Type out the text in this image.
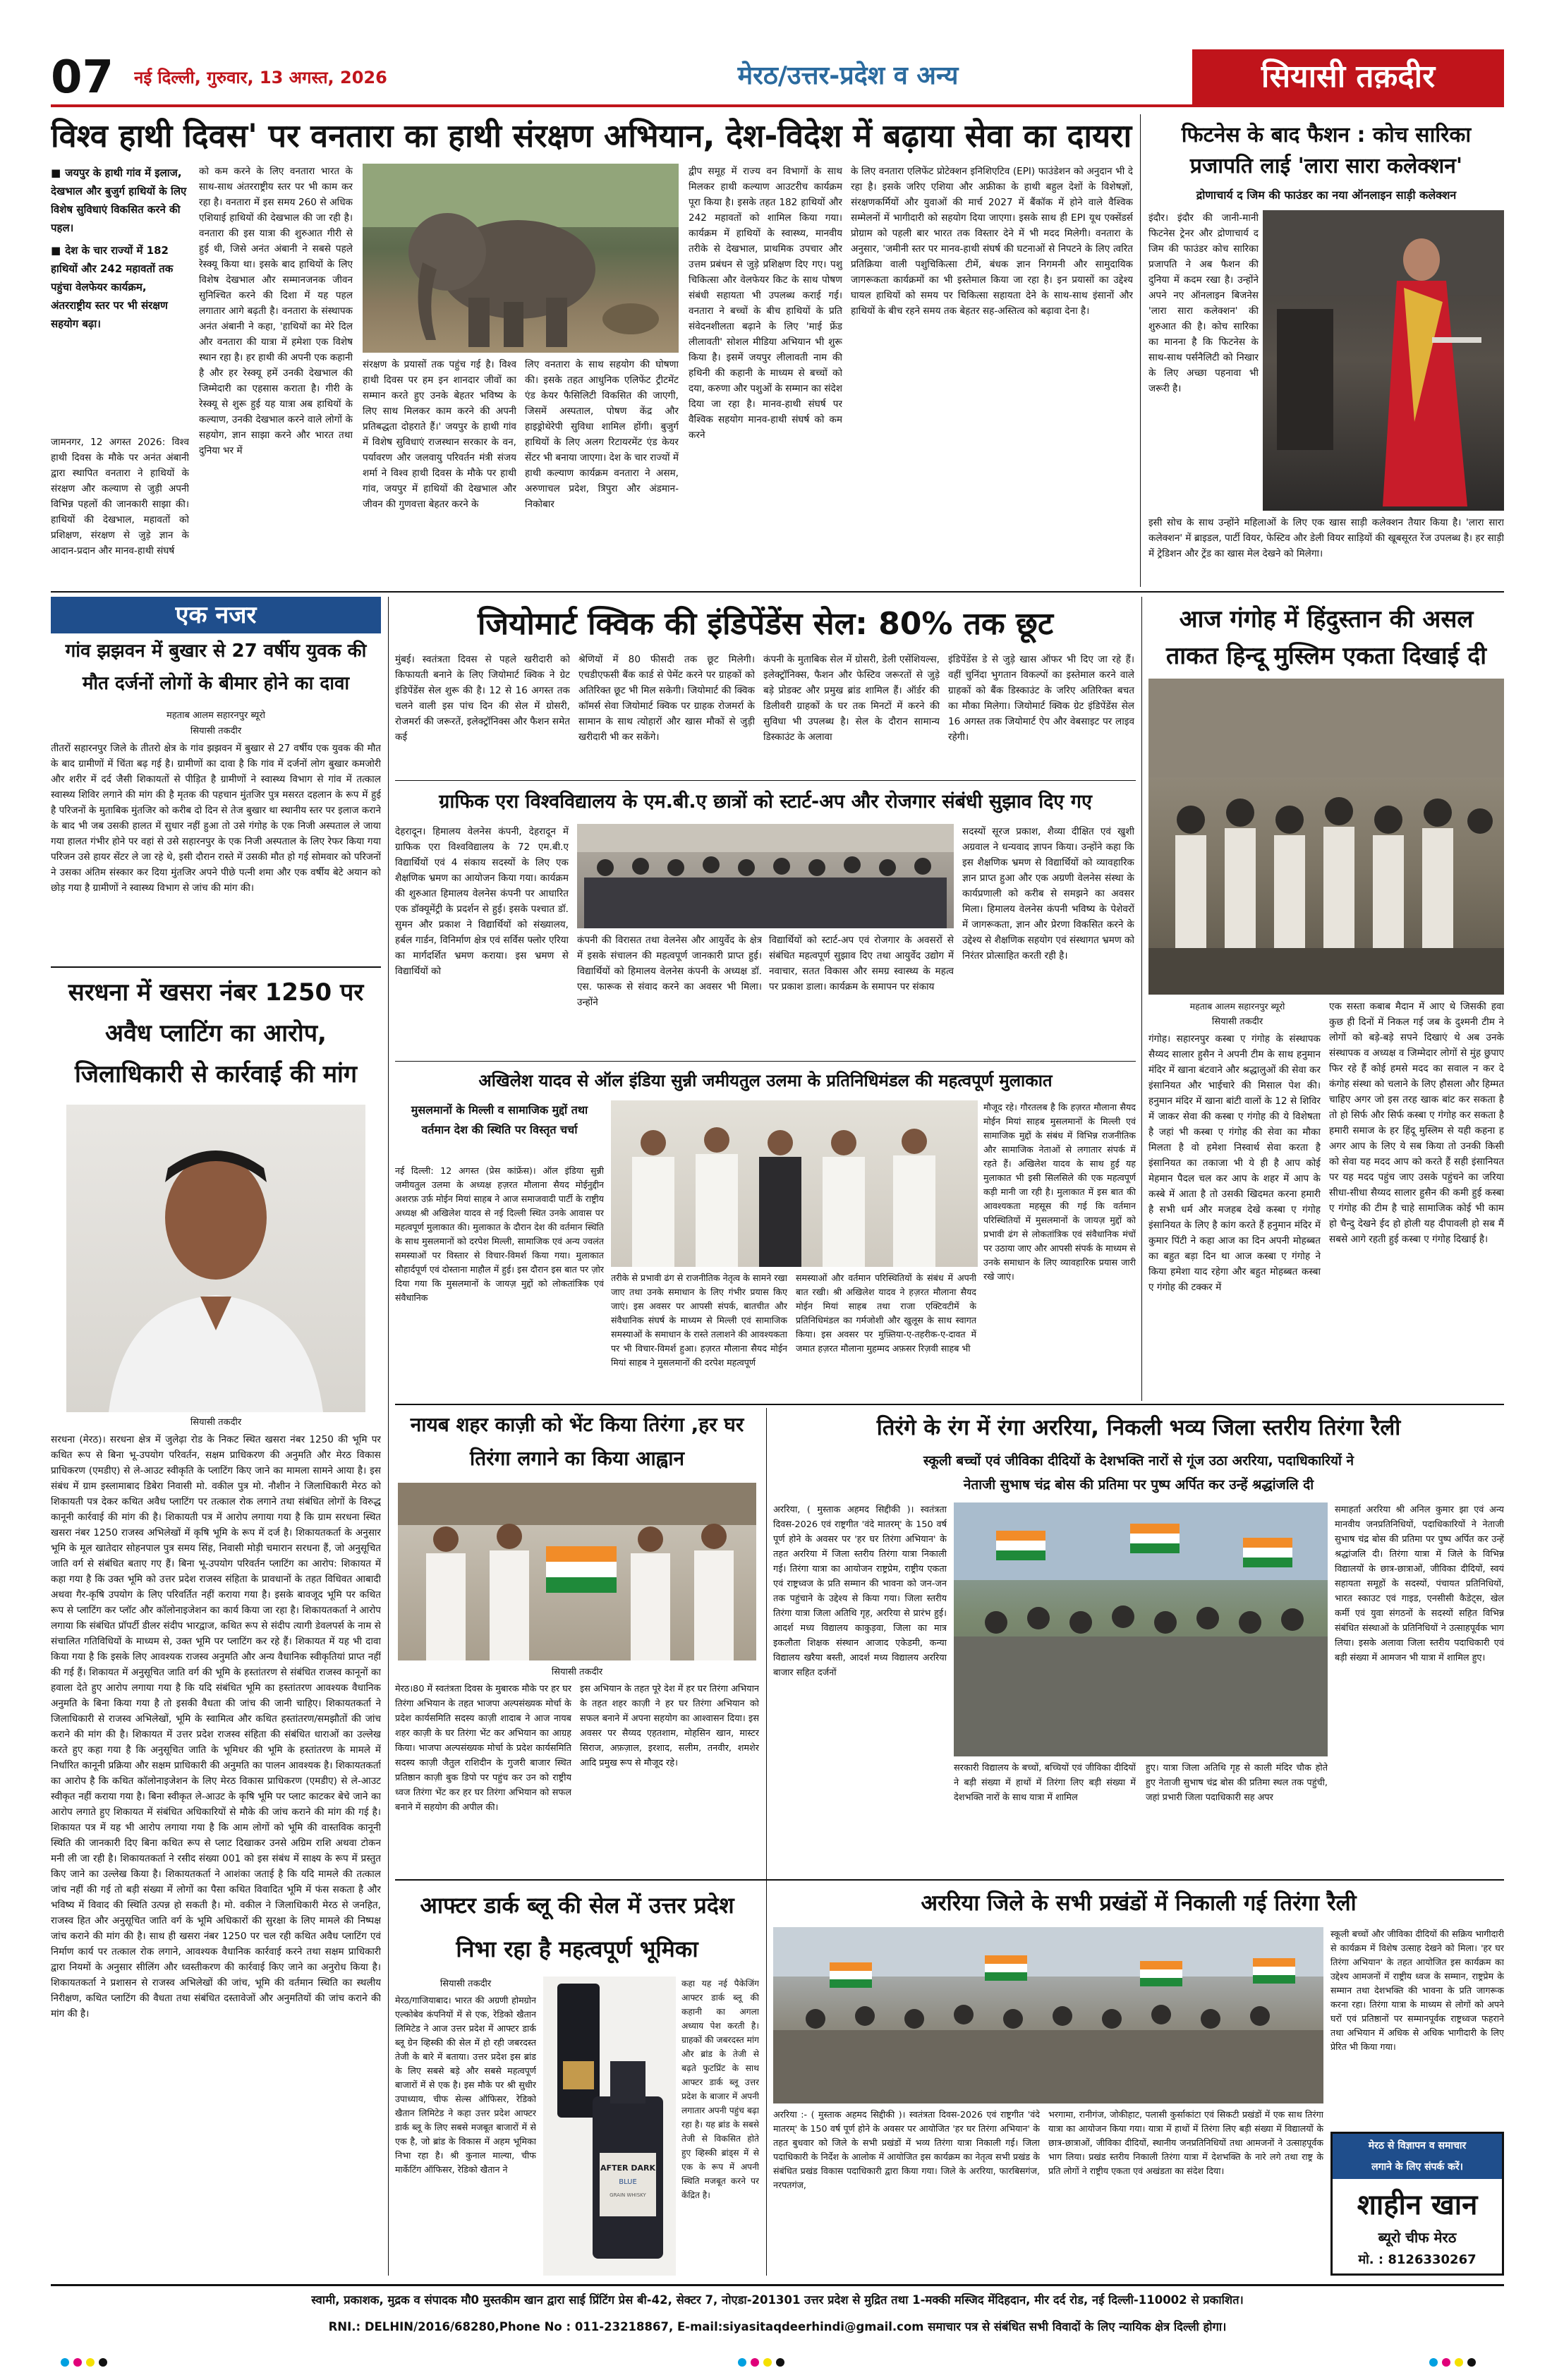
07	नई दिल्ली, गुरुवार, 13 अगस्त, 2026	मेरठ/उत्तर-प्रदेश व अन्य	सियासी तक़दीर
विश्व हाथी दिवस' पर वनतारा का हाथी संरक्षण अभियान, देश-विदेश में बढ़ाया सेवा का दायरा
■ जयपुर के हाथी गांव में इलाज, देखभाल और बुजुर्ग हाथियों के लिए विशेष सुविधाएं विकसित करने की पहल।
■ देश के चार राज्यों में 182 हाथियों और 242 महावतों तक पहुंचा वेलफेयर कार्यक्रम, अंतरराष्ट्रीय स्तर पर भी संरक्षण सहयोग बढ़ा।
जामनगर, 12 अगस्त 2026: विश्व हाथी दिवस के मौके पर अनंत अंबानी द्वारा स्थापित वनतारा ने हाथियों के संरक्षण और कल्याण से जुड़ी अपनी विभिन्न पहलों की जानकारी साझा की। हाथियों की देखभाल, महावतों को प्रशिक्षण, संरक्षण से जुड़े ज्ञान के आदान-प्रदान और मानव-हाथी संघर्ष
को कम करने के लिए वनतारा भारत के साथ-साथ अंतरराष्ट्रीय स्तर पर भी काम कर रहा है। वनतारा में इस समय 260 से अधिक एशियाई हाथियों की देखभाल की जा रही है। वनतारा की इस यात्रा की शुरुआत गीरी से हुई थी, जिसे अनंत अंबानी ने सबसे पहले रेस्क्यू किया था। इसके बाद हाथियों के लिए विशेष देखभाल और सम्मानजनक जीवन सुनिश्चित करने की दिशा में यह पहल लगातार आगे बढ़ती है। वनतारा के संस्थापक अनंत अंबानी ने कहा, 'हाथियों का मेरे दिल और वनतारा की यात्रा में हमेशा एक विशेष स्थान रहा है। हर हाथी की अपनी एक कहानी है और हर रेस्क्यू हमें उनकी देखभाल की जिम्मेदारी का एहसास कराता है। गीरी के रेस्क्यू से शुरू हुई यह यात्रा अब हाथियों के कल्याण, उनकी देखभाल करने वाले लोगों के सहयोग, ज्ञान साझा करने और भारत तथा दुनिया भर में
संरक्षण के प्रयासों तक पहुंच गई है। विश्व हाथी दिवस पर हम इन शानदार जीवों का सम्मान करते हुए उनके बेहतर भविष्य के लिए साथ मिलकर काम करने की अपनी प्रतिबद्धता दोहराते हैं।' जयपुर के हाथी गांव में विशेष सुविधाएं राजस्थान सरकार के वन, पर्यावरण और जलवायु परिवर्तन मंत्री संजय शर्मा ने विश्व हाथी दिवस के मौके पर हाथी गांव, जयपुर में हाथियों की देखभाल और जीवन की गुणवत्ता बेहतर करने के
लिए वनतारा के साथ सहयोग की घोषणा की। इसके तहत आधुनिक एलिफेंट ट्रीटमेंट एंड केयर फैसिलिटी विकसित की जाएगी, जिसमें अस्पताल, पोषण केंद्र और हाइड्रोथेरेपी सुविधा शामिल होंगी। बुजुर्ग हाथियों के लिए अलग रिटायरमेंट एंड केयर सेंटर भी बनाया जाएगा। देश के चार राज्यों में हाथी कल्याण कार्यक्रम वनतारा ने असम, अरुणाचल प्रदेश, त्रिपुरा और अंडमान-निकोबार
द्वीप समूह में राज्य वन विभागों के साथ मिलकर हाथी कल्याण आउटरीच कार्यक्रम पूरा किया है। इसके तहत 182 हाथियों और 242 महावतों को शामिल किया गया। कार्यक्रम में हाथियों के स्वास्थ्य, मानवीय तरीके से देखभाल, प्राथमिक उपचार और उत्तम प्रबंधन से जुड़े प्रशिक्षण दिए गए। पशु चिकित्सा और वेलफेयर किट के साथ पोषण संबंधी सहायता भी उपलब्ध कराई गई। वनतारा ने बच्चों के बीच हाथियों के प्रति संवेदनशीलता बढ़ाने के लिए 'माई फ्रेंड लीलावती' सोशल मीडिया अभियान भी शुरू किया है। इसमें जयपुर लीलावती नाम की हथिनी की कहानी के माध्यम से बच्चों को दया, करुणा और पशुओं के सम्मान का संदेश दिया जा रहा है। मानव-हाथी संघर्ष पर वैश्विक सहयोग मानव-हाथी संघर्ष को कम करने
के लिए वनतारा एलिफेंट प्रोटेक्शन इनिशिएटिव (EPI) फाउंडेशन को अनुदान भी दे रहा है। इसके जरिए एशिया और अफ्रीका के हाथी बहुल देशों के विशेषज्ञों, संरक्षणकर्मियों और युवाओं की मार्च 2027 में बैंकॉक में होने वाले वैश्विक सम्मेलनों में भागीदारी को सहयोग दिया जाएगा। इसके साथ ही EPI यूथ एक्सेंडर्स प्रोग्राम को पहली बार भारत तक विस्तार देने में भी मदद मिलेगी। वनतारा के अनुसार, 'जमीनी स्तर पर मानव-हाथी संघर्ष की घटनाओं से निपटने के लिए त्वरित प्रतिक्रिया वाली पशुचिकित्सा टीमें, बंधक ज्ञान निगमनी और सामुदायिक जागरूकता कार्यक्रमों का भी इस्तेमाल किया जा रहा है। इन प्रयासों का उद्देश्य घायल हाथियों को समय पर चिकित्सा सहायता देने के साथ-साथ इंसानों और हाथियों के बीच रहने समय तक बेहतर सह-अस्तित्व को बढ़ावा देना है।
फिटनेस के बाद फैशन : कोच सारिका
प्रजापति लाई 'लारा सारा कलेक्शन'
द्रोणाचार्य द जिम की फाउंडर का नया ऑनलाइन साड़ी कलेक्शन
इंदौर। इंदौर की जानी-मानी फिटनेस ट्रेनर और द्रोणाचार्य द जिम की फाउंडर कोच सारिका प्रजापति ने अब फैशन की दुनिया में कदम रखा है। उन्होंने अपने नए ऑनलाइन बिजनेस 'लारा सारा कलेक्शन' की शुरुआत की है। कोच सारिका का मानना है कि फिटनेस के साथ-साथ पर्सनैलिटी को निखार के लिए अच्छा पहनावा भी जरूरी है।
इसी सोच के साथ उन्होंने महिलाओं के लिए एक खास साड़ी कलेक्शन तैयार किया है। 'लारा सारा कलेक्शन' में ब्राइडल, पार्टी वियर, फेस्टिव और डेली वियर साड़ियों की खूबसूरत रेंज उपलब्ध है। हर साड़ी में ट्रेडिशन और ट्रेंड का खास मेल देखने को मिलेगा।
एक नजर
गांव झझवन में बुखार से 27 वर्षीय युवक की मौत दर्जनों लोगों के बीमार होने का दावा
महताब आलम सहारनपुर ब्यूरो
सियासी तकदीर
तीतरों सहारनपुर जिले के तीतरो क्षेत्र के गांव झझवन में बुखार से 27 वर्षीय एक युवक की मौत के बाद ग्रामीणों में चिंता बढ़ गई है। ग्रामीणों का दावा है कि गांव में दर्जनों लोग बुखार कमजोरी और शरीर में दर्द जैसी शिकायतों से पीड़ित है ग्रामीणों ने स्वास्थ्य विभाग से गांव में तत्काल स्वास्थ्य शिविर लगाने की मांग की है मृतक की पहचान मुंतजिर पुत्र मसरत दहलान के रूप में हुई है परिजनों के मुताबिक मुंतजिर को करीब दो दिन से तेज बुखार था स्थानीय स्तर पर इलाज कराने के बाद भी जब उसकी हालत में सुधार नहीं हुआ तो उसे गंगोह के एक निजी अस्पताल ले जाया गया हालत गंभीर होने पर वहां से उसे सहारनपुर के एक निजी अस्पताल के लिए रेफर किया गया परिजन उसे हायर सेंटर ले जा रहे थे, इसी दौरान रास्ते में उसकी मौत हो गई सोमवार को परिजनों ने उसका अंतिम संस्कार कर दिया मुंतजिर अपने पीछे पत्नी शमा और एक वर्षीय बेटे अयान को छोड़ गया है ग्रामीणों ने स्वास्थ्य विभाग से जांच की मांग की।
सरधना में खसरा नंबर 1250 पर अवैध प्लाटिंग का आरोप, जिलाधिकारी से कार्रवाई की मांग
सियासी तकदीर
सरधना (मेरठ)। सरधना क्षेत्र में जुलेढ़ा रोड के निकट स्थित खसरा नंबर 1250 की भूमि पर कथित रूप से बिना भू-उपयोग परिवर्तन, सक्षम प्राधिकरण की अनुमति और मेरठ विकास प्राधिकरण (एमडीए) से ले-आउट स्वीकृति के प्लाटिंग किए जाने का मामला सामने आया है। इस संबंध में ग्राम इस्लामाबाद डिबेरा निवासी मो. वकील पुत्र मो. नौशीन ने जिलाधिकारी मेरठ को शिकायती पत्र देकर कथित अवैध प्लाटिंग पर तत्काल रोक लगाने तथा संबंधित लोगों के विरुद्ध कानूनी कार्रवाई की मांग की है। शिकायती पत्र में आरोप लगाया गया है कि ग्राम सरधना स्थित खसरा नंबर 1250 राजस्व अभिलेखों में कृषि भूमि के रूप में दर्ज है। शिकायतकर्ता के अनुसार भूमि के मूल खातेदार सोहनपाल पुत्र समय सिंह, निवासी मोड़ी चमारान सरधना हैं, जो अनुसूचित जाति वर्ग से संबंधित बताए गए हैं। बिना भू-उपयोग परिवर्तन प्लाटिंग का आरोप: शिकायत में कहा गया है कि उक्त भूमि को उत्तर प्रदेश राजस्व संहिता के प्रावधानों के तहत विधिवत आबादी अथवा गैर-कृषि उपयोग के लिए परिवर्तित नहीं कराया गया है। इसके बावजूद भूमि पर कथित रूप से प्लाटिंग कर प्लॉट और कॉलोनाइजेशन का कार्य किया जा रहा है। शिकायतकर्ता ने आरोप लगाया कि संबंधित प्रॉपर्टी डीलर संदीप भारद्वाज, कथित रूप से संदीप त्यागी डेवलपर्स के नाम से संचालित गतिविधियों के माध्यम से, उक्त भूमि पर प्लाटिंग कर रहे हैं। शिकायत में यह भी दावा किया गया है कि इसके लिए आवश्यक राजस्व अनुमति और अन्य वैधानिक स्वीकृतियां प्राप्त नहीं की गई हैं। शिकायत में अनुसूचित जाति वर्ग की भूमि के हस्तांतरण से संबंधित राजस्व कानूनों का हवाला देते हुए आरोप लगाया गया है कि यदि संबंधित भूमि का हस्तांतरण आवश्यक वैधानिक अनुमति के बिना किया गया है तो इसकी वैधता की जांच की जानी चाहिए। शिकायतकर्ता ने जिलाधिकारी से राजस्व अभिलेखों, भूमि के स्वामित्व और कथित हस्तांतरण/समझौतों की जांच कराने की मांग की है। शिकायत में उत्तर प्रदेश राजस्व संहिता की संबंधित धाराओं का उल्लेख करते हुए कहा गया है कि अनुसूचित जाति के भूमिधर की भूमि के हस्तांतरण के मामले में निर्धारित कानूनी प्रक्रिया और सक्षम प्राधिकारी की अनुमति का पालन आवश्यक है। शिकायतकर्ता का आरोप है कि कथित कॉलोनाइजेशन के लिए मेरठ विकास प्राधिकरण (एमडीए) से ले-आउट स्वीकृत नहीं कराया गया है। बिना स्वीकृत ले-आउट के कृषि भूमि पर प्लाट काटकर बेचे जाने का आरोप लगाते हुए शिकायत में संबंधित अधिकारियों से मौके की जांच कराने की मांग की गई है। शिकायत पत्र में यह भी आरोप लगाया गया है कि आम लोगों को भूमि की वास्तविक कानूनी स्थिति की जानकारी दिए बिना कथित रूप से प्लाट दिखाकर उनसे अग्रिम राशि अथवा टोकन मनी ली जा रही है। शिकायतकर्ता ने रसीद संख्या 001 को इस संबंध में साक्ष्य के रूप में प्रस्तुत किए जाने का उल्लेख किया है। शिकायतकर्ता ने आशंका जताई है कि यदि मामले की तत्काल जांच नहीं की गई तो बड़ी संख्या में लोगों का पैसा कथित विवादित भूमि में फंस सकता है और भविष्य में विवाद की स्थिति उत्पन्न हो सकती है। मो. वकील ने जिलाधिकारी मेरठ से जनहित, राजस्व हित और अनुसूचित जाति वर्ग के भूमि अधिकारों की सुरक्षा के लिए मामले की निष्पक्ष जांच कराने की मांग की है। साथ ही खसरा नंबर 1250 पर चल रही कथित अवैध प्लाटिंग एवं निर्माण कार्य पर तत्काल रोक लगाने, आवश्यक वैधानिक कार्रवाई करने तथा सक्षम प्राधिकारी द्वारा नियमों के अनुसार सीलिंग और ध्वस्तीकरण की कार्रवाई किए जाने का अनुरोध किया है। शिकायतकर्ता ने प्रशासन से राजस्व अभिलेखों की जांच, भूमि की वर्तमान स्थिति का स्थलीय निरीक्षण, कथित प्लाटिंग की वैधता तथा संबंधित दस्तावेजों और अनुमतियों की जांच कराने की मांग की है।
जियोमार्ट क्विक की इंडिपेंडेंस सेल: 80% तक छूट
मुंबई। स्वतंत्रता दिवस से पहले खरीदारी को किफायती बनाने के लिए जियोमार्ट क्विक ने ग्रेट इंडिपेंडेंस सेल शुरू की है। 12 से 16 अगस्त तक चलने वाली इस पांच दिन की सेल में ग्रोसरी, रोजमर्रा की जरूरतें, इलेक्ट्रॉनिक्स और फैशन समेत कई
श्रेणियों में 80 फीसदी तक छूट मिलेगी। एचडीएफसी बैंक कार्ड से पेमेंट करने पर ग्राहकों को अतिरिक्त छूट भी मिल सकेगी। जियोमार्ट की क्विक कॉमर्स सेवा जियोमार्ट क्विक पर ग्राहक रोजमर्रा के सामान के साथ त्योहारों और खास मौकों से जुड़ी खरीदारी भी कर सकेंगे।
कंपनी के मुताबिक सेल में ग्रोसरी, डेली एसेंशियल्स, इलेक्ट्रॉनिक्स, फैशन और फेस्टिव जरूरतों से जुड़े बड़े प्रोडक्ट और प्रमुख ब्रांड शामिल हैं। ऑर्डर की डिलीवरी ग्राहकों के घर तक मिनटों में करने की सुविधा भी उपलब्ध है। सेल के दौरान सामान्य डिस्काउंट के अलावा
इंडिपेंडेंस डे से जुड़े खास ऑफर भी दिए जा रहे हैं। वहीं चुनिंदा भुगतान विकल्पों का इस्तेमाल करने वाले ग्राहकों को बैंक डिस्काउंट के जरिए अतिरिक्त बचत का मौका मिलेगा। जियोमार्ट क्विक ग्रेट इंडिपेंडेंस सेल 16 अगस्त तक जियोमार्ट ऐप और वेबसाइट पर लाइव रहेगी।
ग्राफिक एरा विश्वविद्यालय के एम.बी.ए छात्रों को स्टार्ट-अप और रोजगार संबंधी सुझाव दिए गए
देहरादून। हिमालय वेलनेस कंपनी, देहरादून में ग्राफिक एरा विश्वविद्यालय के 72 एम.बी.ए विद्यार्थियों एवं 4 संकाय सदस्यों के लिए एक शैक्षणिक भ्रमण का आयोजन किया गया। कार्यक्रम की शुरुआत हिमालय वेलनेस कंपनी पर आधारित एक डॉक्यूमेंट्री के प्रदर्शन से हुई। इसके पश्चात डॉ. सुमन और प्रकाश ने विद्यार्थियों को संख्यालय, हर्बल गार्डन, विनिर्माण क्षेत्र एवं सर्विस फ्लोर एरिया का मार्गदर्शित भ्रमण कराया। इस भ्रमण से विद्यार्थियों को
कंपनी की विरासत तथा वेलनेस और आयुर्वेद के क्षेत्र में इसके संचालन की महत्वपूर्ण जानकारी प्राप्त हुई। विद्यार्थियों को हिमालय वेलनेस कंपनी के अध्यक्ष डॉ. एस. फारूक से संवाद करने का अवसर भी मिला। उन्होंने
विद्यार्थियों को स्टार्ट-अप एवं रोजगार के अवसरों से संबंधित महत्वपूर्ण सुझाव दिए तथा आयुर्वेद उद्योग में नवाचार, सतत विकास और समग्र स्वास्थ्य के महत्व पर प्रकाश डाला। कार्यक्रम के समापन पर संकाय
सदस्यों सूरज प्रकाश, शैव्या दीक्षित एवं खुशी अग्रवाल ने धन्यवाद ज्ञापन किया। उन्होंने कहा कि इस शैक्षणिक भ्रमण से विद्यार्थियों को व्यावहारिक ज्ञान प्राप्त हुआ और एक अग्रणी वेलनेस संस्था के कार्यप्रणाली को करीब से समझने का अवसर मिला। हिमालय वेलनेस कंपनी भविष्य के पेशेवरों में जागरूकता, ज्ञान और प्रेरणा विकसित करने के उद्देश्य से शैक्षणिक सहयोग एवं संस्थागत भ्रमण को निरंतर प्रोत्साहित करती रही है।
आज गंगोह में हिंदुस्तान की असल
ताकत हिन्दू मुस्लिम एकता दिखाई दी
महताब आलम सहारनपुर ब्यूरो
सियासी तकदीर
गंगोह। सहारनपुर कस्बा ए गंगोह के संस्थापक सैय्यद सालार हुसैन ने अपनी टीम के साथ हनुमान मंदिर में खाना बंटवाने और श्रद्धालुओं की सेवा कर इंसानियत और भाईचारे की मिसाल पेश की। हनुमान मंदिर में खाना बांटी वालों के 12 से शिविर में जाकर सेवा की कस्बा ए गंगोह की ये विशेषता है जहां भी कस्बा ए गंगोह की सेवा का मौका मिलता है वो हमेशा निस्वार्थ सेवा करता है इंसानियत का तकाजा भी ये ही है आप कोई मेहमान पैदल चल कर आप के शहर में आप के कस्बे में आता है तो उसकी खिदमत करना हमारी है सभी धर्म और मजहब देखे कस्बा ए गंगोह इंसानियत के लिए है कांग करते हैं हनुमान मंदिर में कुमार पिंटी ने कहा आज का दिन अपनी मोहब्बत का बहुत बड़ा दिन था आज कस्बा ए गंगोह ने किया हमेशा याद रहेगा और बहुत मोहब्बत कस्बा ए गंगोह की टक्कर में
एक सस्ता कबाब मैदान में आए थे जिसकी हवा कुछ ही दिनों में निकल गई जब के दुश्मनी टीम ने लोगों को बड़े-बड़े सपने दिखाएं थे अब उनके संस्थापक व अध्यक्ष व जिम्मेदार लोगों से मुंह छुपाए फिर रहे हैं कोई हमसे मदद का सवाल न कर दे कंगोह संस्था को चलाने के लिए हौसला और हिम्मत चाहिए अगर जो इस तरह खाक बांट कर सकता है तो हो सिर्फ और सिर्फ कस्बा ए गंगोह कर सकता है हमारी समाज के हर हिंदू मुस्लिम से यही कहना ह अगर आप के लिए ये सब किया तो उनकी किसी को सेवा यह मदद आप को करते हैं सही इंसानियत पर यह मदद पहुंच जाए उसके पहुंचने का जरिया सीधा-सीधा सैय्यद सालार हुसैन की कमी हुई कस्बा ए गंगोह की टीम है चाहे सामाजिक कोई भी काम हो चैन्दु देखने ईद हो होली यह दीपावली हो सब मैं सबसे आगे रहती हुई कस्बा ए गंगोह दिखाई है।
अखिलेश यादव से ऑल इंडिया सुन्नी जमीयतुल उलमा के प्रतिनिधिमंडल की महत्वपूर्ण मुलाकात
मुसलमानों के मिल्ली व सामाजिक मुद्दों तथा वर्तमान देश की स्थिति पर विस्तृत चर्चा
नई दिल्ली: 12 अगस्त (प्रेस कांफ्रेंस)। ऑल इंडिया सुन्नी जमीयतुल उलमा के अध्यक्ष हज़रत मौलाना सैयद मोईनुद्दीन अशरफ़ उर्फ़ मोईन मियां साहब ने आज समाजवादी पार्टी के राष्ट्रीय अध्यक्ष श्री अखिलेश यादव से नई दिल्ली स्थित उनके आवास पर महत्वपूर्ण मुलाकात की। मुलाकात के दौरान देश की वर्तमान स्थिति के साथ मुसलमानों को दरपेश मिल्ली, सामाजिक एवं अन्य ज्वलंत समस्याओं पर विस्तार से विचार-विमर्श किया गया। मुलाकात सौहार्दपूर्ण एवं दोस्ताना माहौल में हुई। इस दौरान इस बात पर ज़ोर दिया गया कि मुसलमानों के जायज़ मुद्दों को लोकतांत्रिक एवं संवैधानिक
तरीके से प्रभावी ढंग से राजनीतिक नेतृत्व के सामने रखा जाए तथा उनके समाधान के लिए गंभीर प्रयास किए जाएं। इस अवसर पर आपसी संपर्क, बातचीत और संवैधानिक संघर्ष के माध्यम से मिल्ली एवं सामाजिक समस्याओं के समाधान के रास्ते तलाशने की आवश्यकता पर भी विचार-विमर्श हुआ। हज़रत मौलाना सैयद मोईन मियां साहब ने मुसलमानों की दरपेश महत्वपूर्ण
समस्याओं और वर्तमान परिस्थितियों के संबंध में अपनी बात रखी। श्री अखिलेश यादव ने हज़रत मौलाना सैयद मोईन मियां साहब तथा राजा एक्टिवटीमें के प्रतिनिधिमंडल का गर्मजोशी और खुलूस के साथ स्वागत किया। इस अवसर पर मुफ़्तिया-ए-तहरीक-ए-दावत में जमात हज़रत मौलाना मुहम्मद अफ़सर रिज़वी साहब भी
मौजूद रहे। गौरतलब है कि हज़रत मौलाना सैयद मोईन मियां साहब मुसलमानों के मिल्ली एवं सामाजिक मुद्दों के संबंध में विभिन्न राजनीतिक और सामाजिक नेताओं से लगातार संपर्क में रहते हैं। अखिलेश यादव के साथ हुई यह मुलाकात भी इसी सिलसिले की एक महत्वपूर्ण कड़ी मानी जा रही है। मुलाकात में इस बात की आवश्यकता महसूस की गई कि वर्तमान परिस्थितियों में मुसलमानों के जायज़ मुद्दों को प्रभावी ढंग से लोकतांत्रिक एवं संवैधानिक मंचों पर उठाया जाए और आपसी संपर्क के माध्यम से उनके समाधान के लिए व्यावहारिक प्रयास जारी रखे जाएं।
नायब शहर काज़ी को भेंट किया तिरंगा ,हर घर तिरंगा लगाने का किया आह्वान
सियासी तकदीर
मेरठ।80 में स्वतंत्रता दिवस के मुबारक मौके पर हर घर तिरंगा अभियान के तहत भाजपा अल्पसंख्यक मोर्चा के प्रदेश कार्यसमिति सदस्य काज़ी शादाब ने आज नायब शहर काज़ी के घर तिरंगा भेंट कर अभियान का आग्रह किया। भाजपा अल्पसंख्यक मोर्चा के प्रदेश कार्यसमिति सदस्य काज़ी जैतुल राशिदीन के गुजरी बाजार स्थित प्रतिष्ठान काज़ी बुक डिपो पर पहुंच कर उन को राष्ट्रीय ध्वज तिरंगा भेंट कर हर घर तिरंगा अभियान को सफल बनाने में सहयोग की अपील की।
इस अभियान के तहत पूरे देश में हर घर तिरंगा अभियान के तहत शहर काज़ी ने हर घर तिरंगा अभियान को सफल बनाने में अपना सहयोग का आश्वासन दिया। इस अवसर पर सैय्यद एहतशाम, मोहसिन खान, मास्टर सिराज, अफ़ज़ाल, इरशाद, सलीम, तनवीर, शमशेर आदि प्रमुख रूप से मौजूद रहे।
तिरंगे के रंग में रंगा अररिया, निकली भव्य जिला स्तरीय तिरंगा रैली
स्कूली बच्चों एवं जीविका दीदियों के देशभक्ति नारों से गूंज उठा अररिया, पदाधिकारियों ने
नेताजी सुभाष चंद्र बोस की प्रतिमा पर पुष्प अर्पित कर उन्हें श्रद्धांजलि दी
अररिया, ( मुस्ताक अहमद सिद्दीकी )। स्वतंत्रता दिवस-2026 एवं राष्ट्रगीत 'वंदे मातरम्' के 150 वर्ष पूर्ण होने के अवसर पर 'हर घर तिरंगा अभियान' के तहत अररिया में जिला स्तरीय तिरंगा यात्रा निकाली गई। तिरंगा यात्रा का आयोजन राष्ट्रप्रेम, राष्ट्रीय एकता एवं राष्ट्रध्वज के प्रति सम्मान की भावना को जन-जन तक पहुंचाने के उद्देश्य से किया गया। जिला स्तरीय तिरंगा यात्रा जिला अतिथि गृह, अररिया से प्रारंभ हुई। आदर्श मध्य विद्यालय काकुड़वा, जिला का मात्र इकलौता शिक्षक संस्थान आजाद एकेडमी, कन्या विद्यालय खरैया बस्ती, आदर्श मध्य विद्यालय अररिया बाजार सहित दर्जनों
सरकारी विद्यालय के बच्चों, बच्चियों एवं जीविका दीदियों ने बड़ी संख्या में हाथों में तिरंगा लिए बड़ी संख्या में देशभक्ति नारों के साथ यात्रा में शामिल
हुए। यात्रा जिला अतिथि गृह से काली मंदिर चौक होते हुए नेताजी सुभाष चंद्र बोस की प्रतिमा स्थल तक पहुंची, जहां प्रभारी जिला पदाधिकारी सह अपर
समाहर्ता अररिया श्री अनिल कुमार झा एवं अन्य मानवीय जनप्रतिनिधियों, पदाधिकारियों ने नेताजी सुभाष चंद्र बोस की प्रतिमा पर पुष्प अर्पित कर उन्हें श्रद्धांजलि दी। तिरंगा यात्रा में जिले के विभिन्न विद्यालयों के छात्र-छात्राओं, जीविका दीदियों, स्वयं सहायता समूहों के सदस्यों, पंचायत प्रतिनिधियों, भारत स्काउट एवं गाइड, एनसीसी कैडेट्स, खेल कर्मी एवं युवा संगठनों के सदस्यों सहित विभिन्न संबंधित संस्थाओं के प्रतिनिधियों ने उत्साहपूर्वक भाग लिया। इसके अलावा जिला स्तरीय पदाधिकारी एवं बड़ी संख्या में आमजन भी यात्रा में शामिल हुए।
आफ्टर डार्क ब्लू की सेल में उत्तर प्रदेश
निभा रहा है महत्वपूर्ण भूमिका
सियासी तकदीर
मेरठ/गाजियाबाद। भारत की अग्रणी होमग्रोन एल्कोबेव कंपनियों में से एक, रेडिको खैतान लिमिटेड ने आज उत्तर प्रदेश में आफ्टर डार्क ब्लू ग्रेन व्हिस्की की सेल में हो रही जबरदस्त तेजी के बारे में बताया। उत्तर प्रदेश इस ब्रांड के लिए सबसे बड़े और सबसे महत्वपूर्ण बाजारों में से एक है। इस मौके पर श्री सुधीर उपाध्याय, चीफ सेल्स ऑफिसर, रेडिको खैतान लिमिटेड ने कहा उत्तर प्रदेश आफ्टर डार्क ब्लू के लिए सबसे मजबूत बाजारों में से एक है, जो ब्रांड के विकास में अहम भूमिका निभा रहा है। श्री कुनाल माल्या, चीफ मार्केटिंग ऑफिसर, रेडिको खैतान ने	AFTER DARK
BLUE
GRAIN WHISKY
कहा यह नई पैकेजिंग आफ्टर डार्क ब्लू की कहानी का अगला अध्याय पेश करती है। ग्राहकों की जबरदस्त मांग और ब्रांड के तेजी से बढ़ते फुटप्रिंट के साथ आफ्टर डार्क ब्लू उत्तर प्रदेश के बाजार में अपनी लगातार अपनी पहुंच बढ़ा रहा है। यह ब्रांड के सबसे तेजी से विकसित होते हुए व्हिस्की ब्रांड्स में से एक के रूप में अपनी स्थिति मजबूत करने पर केंद्रित है।
अररिया जिले के सभी प्रखंडों में निकाली गई तिरंगा रैली
अररिया :- ( मुस्ताक अहमद सिद्दीकी )। स्वतंत्रता दिवस-2026 एवं राष्ट्रगीत 'वंदे मातरम्' के 150 वर्ष पूर्ण होने के अवसर पर आयोजित 'हर घर तिरंगा अभियान' के तहत बुधवार को जिले के सभी प्रखंडों में भव्य तिरंगा यात्रा निकाली गई। जिला पदाधिकारी के निर्देश के आलोक में आयोजित इस कार्यक्रम का नेतृत्व सभी प्रखंड के संबंधित प्रखंड विकास पदाधिकारी द्वारा किया गया। जिले के अररिया, फारबिसगंज, नरपतगंज,
भरगामा, रानीगंज, जोकीहाट, पलासी कुर्साकांटा एवं सिकटी प्रखंडों में एक साथ तिरंगा यात्रा का आयोजन किया गया। यात्रा में हाथों में तिरंगा लिए बड़ी संख्या में विद्यालयों के छात्र-छात्राओं, जीविका दीदियों, स्थानीय जनप्रतिनिधियों तथा आमजनों ने उत्साहपूर्वक भाग लिया। प्रखंड स्तरीय निकाली तिरंगा यात्रा में देशभक्ति के नारे लगे तथा राष्ट्र के प्रति लोगों ने राष्ट्रीय एकता एवं अखंडता का संदेश दिया।
स्कूली बच्चों और जीविका दीदियों की सक्रिय भागीदारी से कार्यक्रम में विशेष उत्साह देखने को मिला। 'हर घर तिरंगा अभियान' के तहत आयोजित इस कार्यक्रम का उद्देश्य आमजनों में राष्ट्रीय ध्वज के सम्मान, राष्ट्रप्रेम के सम्मान तथा देशभक्ति की भावना के प्रति जागरूक करना रहा। तिरंगा यात्रा के माध्यम से लोगों को अपने घरों एवं प्रतिष्ठानों पर सम्मानपूर्वक राष्ट्रध्वज फहराने तथा अभियान में अधिक से अधिक भागीदारी के लिए प्रेरित भी किया गया।
मेरठ से विज्ञापन व समाचार
लगाने के लिए संपर्क करें।
शाहीन खान
ब्यूरो चीफ मेरठ
मो. : 8126330267
स्वामी, प्रकाशक, मुद्रक व संपादक मौ0 मुस्तकीम खान द्वारा साई प्रिंटिंग प्रेस बी-42, सेक्टर 7, नोएडा-201301 उत्तर प्रदेश से मुद्रित तथा 1-मक्की मस्जिद मेंदिहदान, मीर दर्द रोड, नई दिल्ली-110002 से प्रकाशित।
RNI.: DELHIN/2016/68280,Phone No : 011-23218867, E-mail:siyasitaqdeerhindi@gmail.com समाचार पत्र से संबंधित सभी विवादों के लिए न्यायिक क्षेत्र दिल्ली होगा।
